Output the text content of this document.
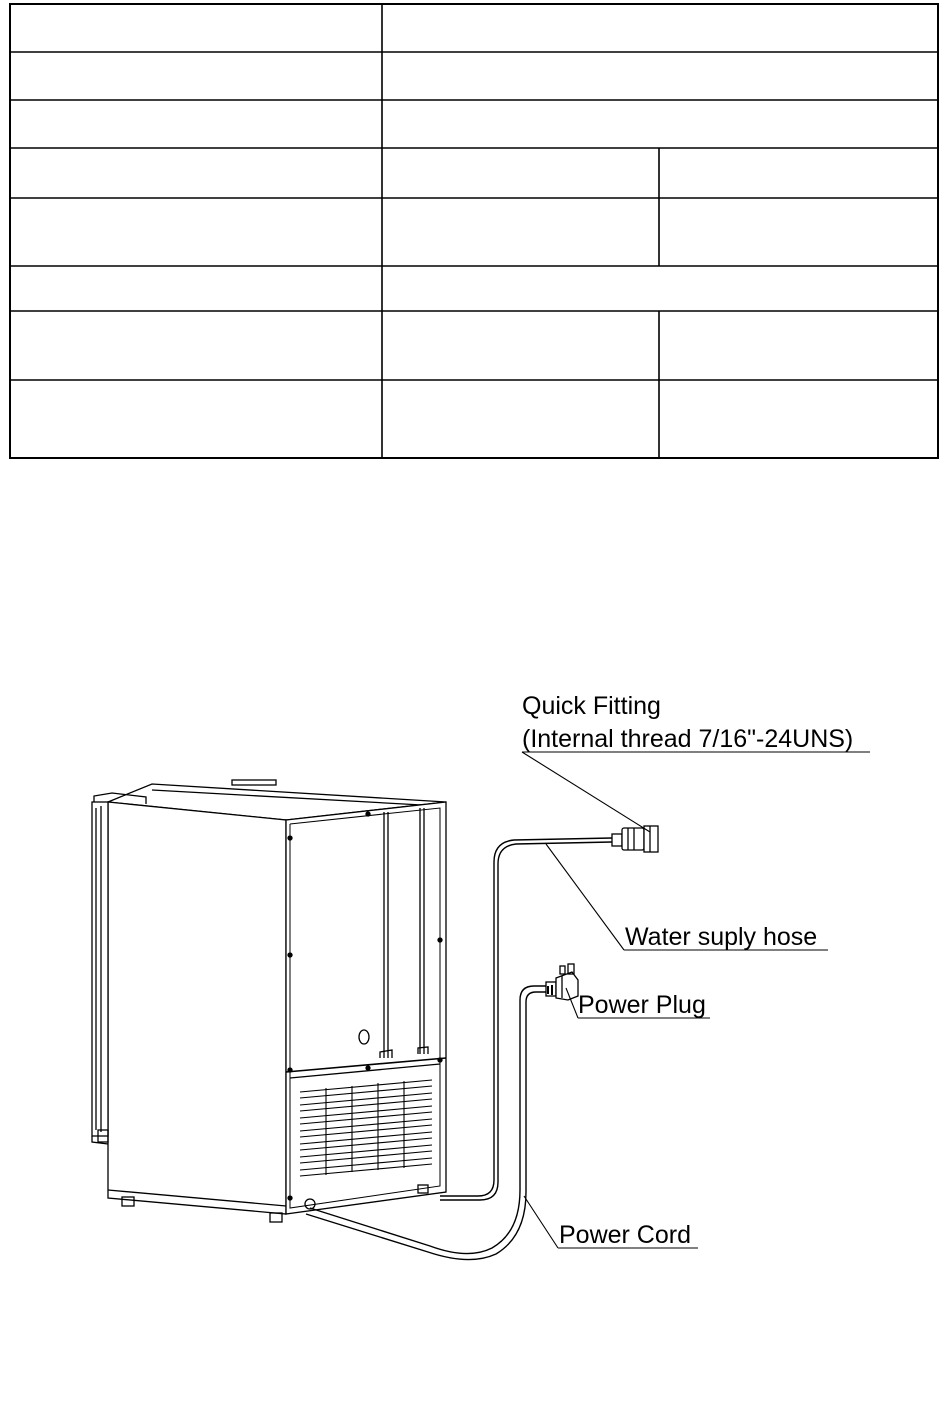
Quick Fitting
(Internal thread 7/16"-24UNS)
Water suply hose
Power Plug
Power Cord
